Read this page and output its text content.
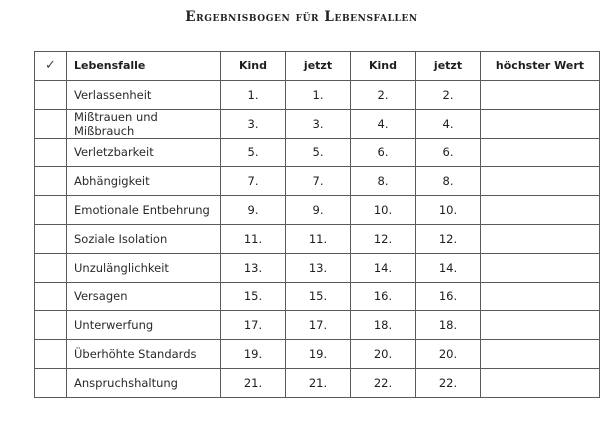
Ergebnisbogen für Lebensfallen
✓	Lebensfalle	Kind	jetzt	Kind	jetzt	höchster Wert
	Verlassenheit	1.	1.	2.	2.	
	Mißtrauen und Mißbrauch	3.	3.	4.	4.	
	Verletzbarkeit	5.	5.	6.	6.	
	Abhängigkeit	7.	7.	8.	8.	
	Emotionale Entbehrung	9.	9.	10.	10.	
	Soziale Isolation	11.	11.	12.	12.	
	Unzulänglichkeit	13.	13.	14.	14.	
	Versagen	15.	15.	16.	16.	
	Unterwerfung	17.	17.	18.	18.	
	Überhöhte Standards	19.	19.	20.	20.	
	Anspruchshaltung	21.	21.	22.	22.	
